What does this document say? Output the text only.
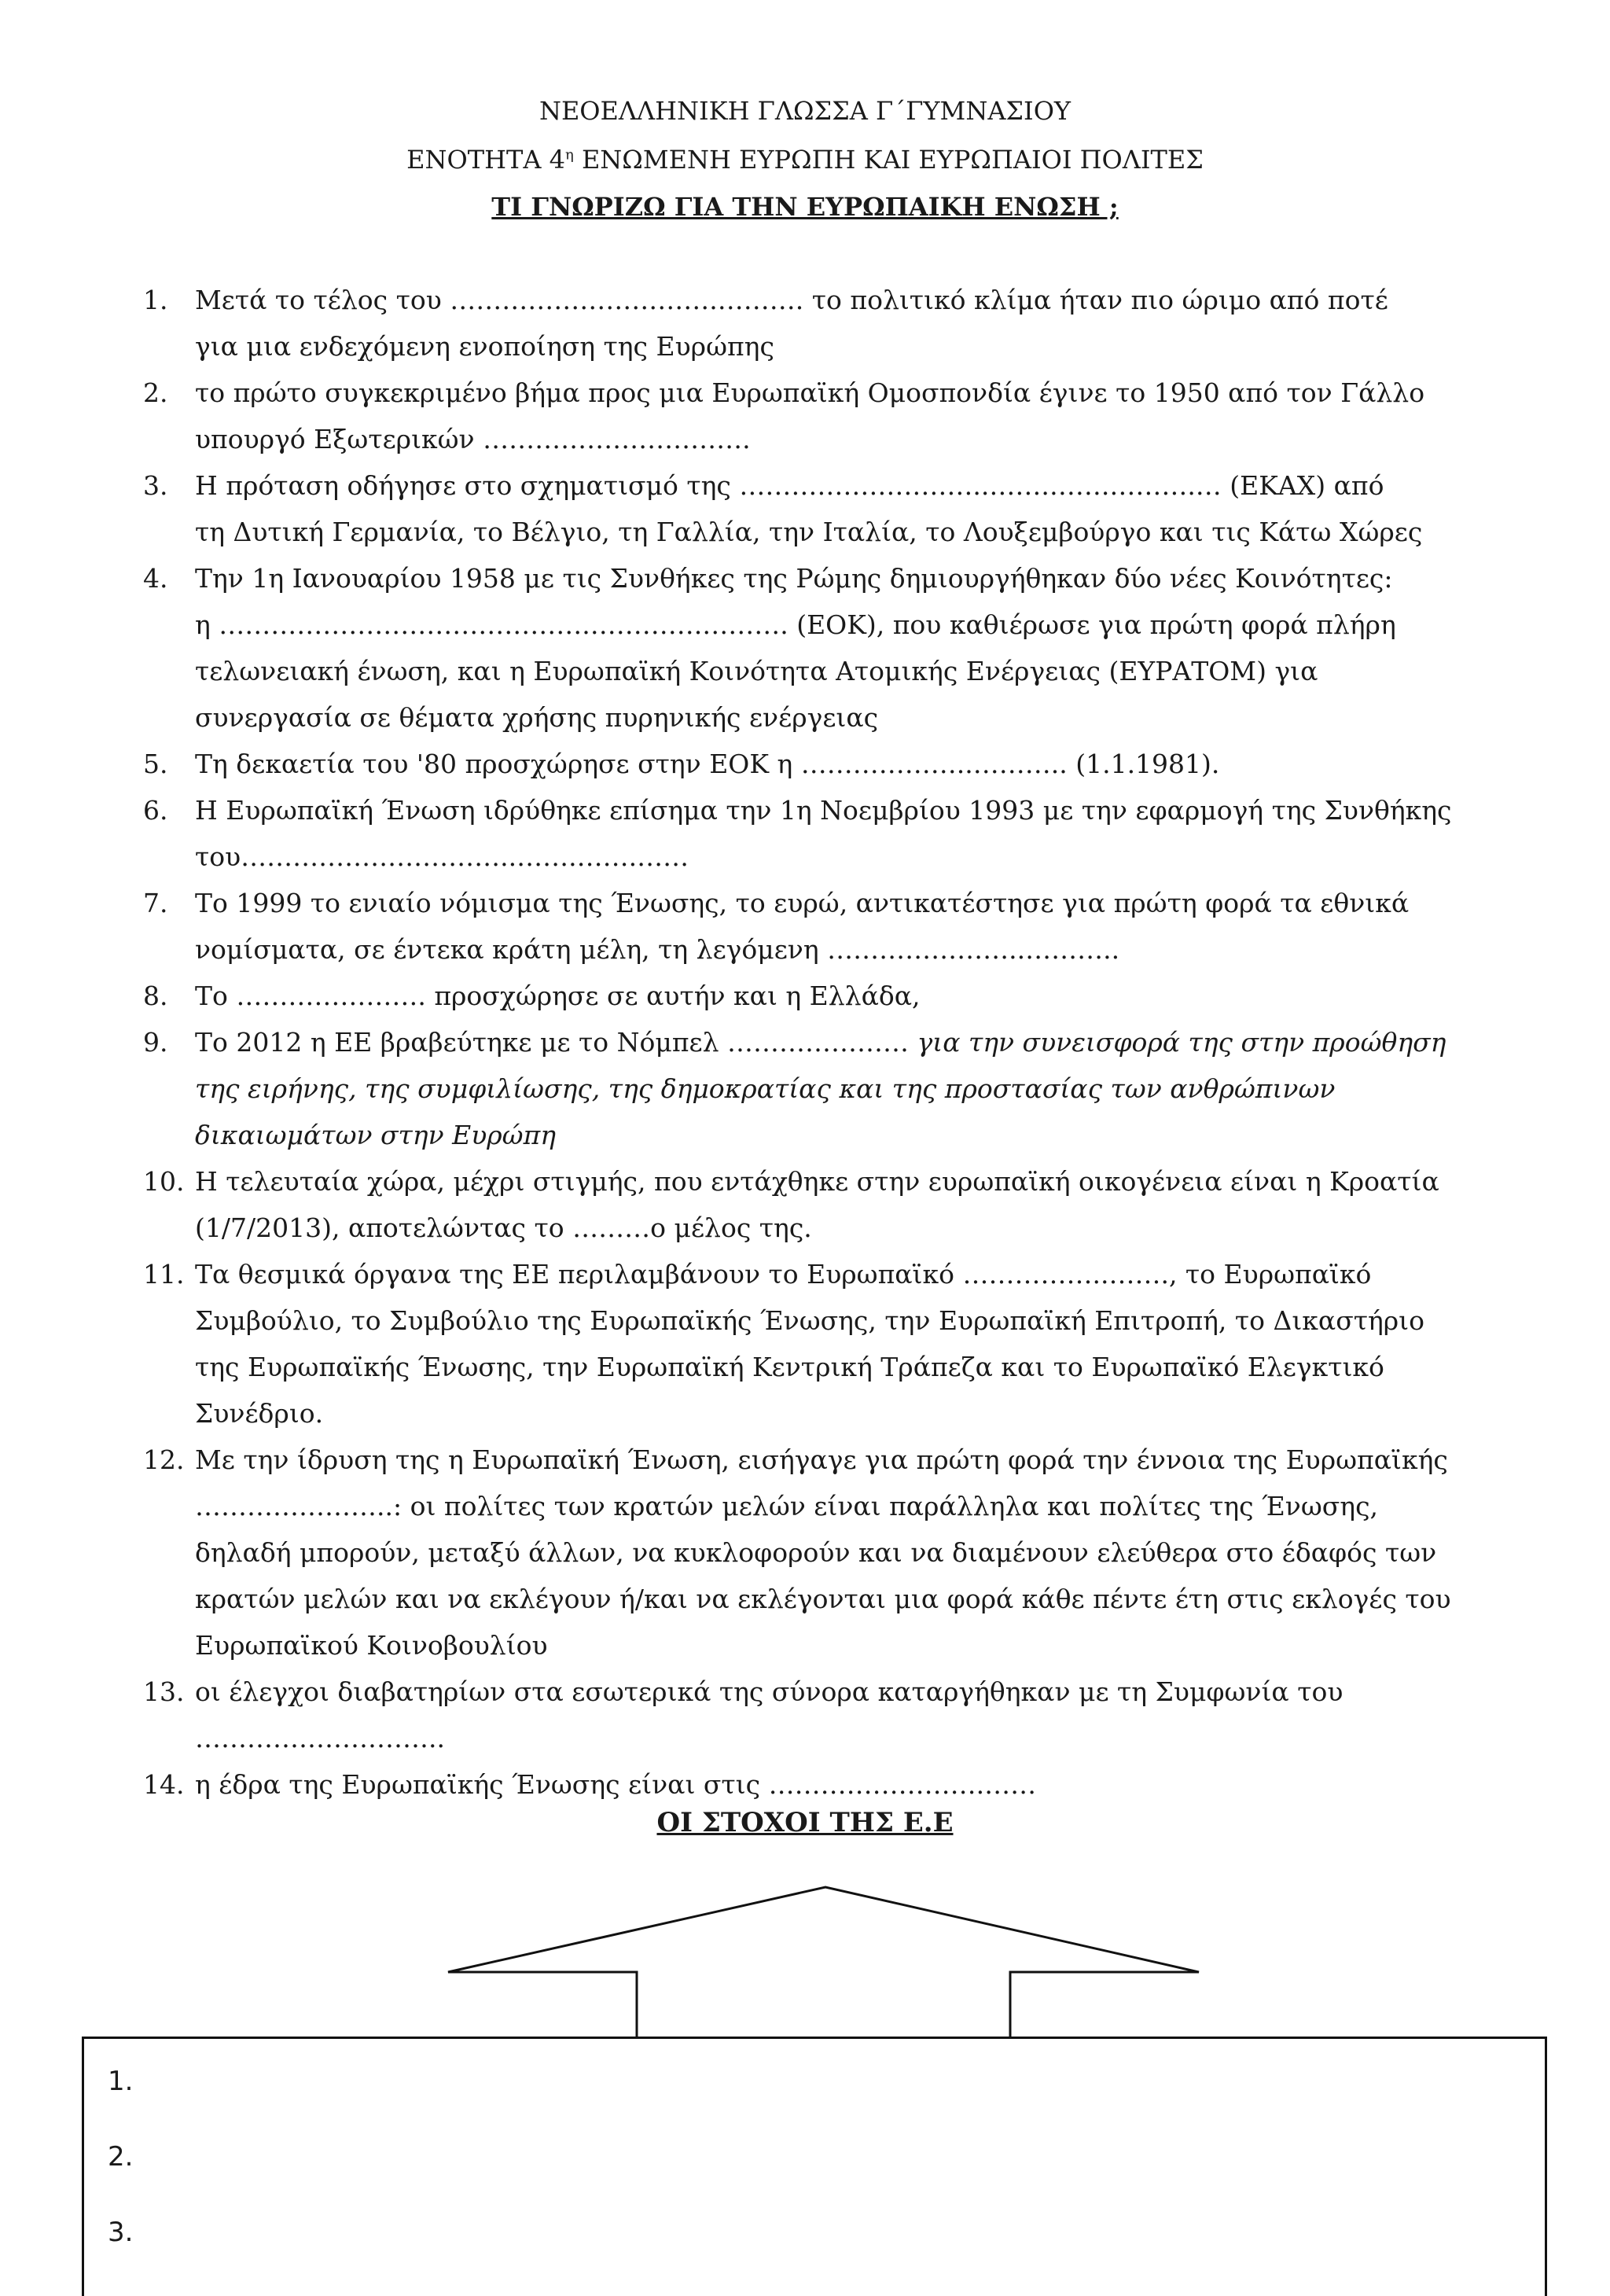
ΝΕΟΕΛΛΗΝΙΚΗ ΓΛΩΣΣΑ Γ΄ΓΥΜΝΑΣΙΟΥ
ΕΝΟΤΗΤΑ $4^\eta$ ΕΝΩΜΕΝΗ ΕΥΡΩΠΗ ΚΑΙ ΕΥΡΩΠΑΙΟΙ ΠΟΛΙΤΕΣ
ΤΙ ΓΝΩΡΙΖΩ ΓΙΑ ΤΗΝ ΕΥΡΩΠΑΙΚΗ ΕΝΩΣΗ ;
1.	Μετά το τέλος του ………………………….………. το πολιτικό κλίμα ήταν πιο ώριμο από ποτέ
για μια ενδεχόμενη ενοποίηση της Ευρώπης
2.	το πρώτο συγκεκριμένο βήμα προς μια Ευρωπαϊκή Ομοσπονδία έγινε το 1950 από τον Γάλλο
υπουργό Εξωτερικών ………………………….
3.	Η πρόταση οδήγησε στο σχηματισμό της ………………………..…….…….……….… (ΕΚΑΧ) από
τη Δυτική Γερμανία, το Βέλγιο, τη Γαλλία, την Ιταλία, το Λουξεμβούργο και τις Κάτω Χώρες
4.	Την 1η Ιανουαρίου 1958 με τις Συνθήκες της Ρώμης δημιουργήθηκαν δύο νέες Κοινότητες:
η …………………………………….………….………. (ΕΟΚ), που καθιέρωσε για πρώτη φορά πλήρη
τελωνειακή ένωση, και η Ευρωπαϊκή Κοινότητα Ατομικής Ενέργειας (ΕΥΡΑΤΟΜ) για
συνεργασία σε θέματα χρήσης πυρηνικής ενέργειας
5.	Τη δεκαετία του '80 προσχώρησε στην ΕΟΚ η ………………..……….. (1.1.1981).
6.	Η Ευρωπαϊκή Ένωση ιδρύθηκε επίσημα την 1η Νοεμβρίου 1993 με την εφαρμογή της Συνθήκης
του…………………………..…….…….……
7.	Το 1999 το ενιαίο νόμισμα της Ένωσης, το ευρώ, αντικατέστησε για πρώτη φορά τα εθνικά
νομίσματα, σε έντεκα κράτη μέλη, τη λεγόμενη …………………..………..
8.	Το …………………. προσχώρησε σε αυτήν και η Ελλάδα,
9.	Το 2012 η ΕΕ βραβεύτηκε με το Νόμπελ ………………… για την συνεισφορά της στην προώθηση
της ειρήνης, της συμφιλίωσης, της δημοκρατίας και της προστασίας των ανθρώπινων
δικαιωμάτων στην Ευρώπη
10. Η τελευταία χώρα, μέχρι στιγμής, που εντάχθηκε στην ευρωπαϊκή οικογένεια είναι η Κροατία
(1/7/2013), αποτελώντας το ………ο μέλος της.
11. Τα θεσμικά όργανα της ΕΕ περιλαμβάνουν το Ευρωπαϊκό ……………..……., το Ευρωπαϊκό
Συμβούλιο, το Συμβούλιο της Ευρωπαϊκής Ένωσης, την Ευρωπαϊκή Επιτροπή, το Δικαστήριο
της Ευρωπαϊκής Ένωσης, την Ευρωπαϊκή Κεντρική Τράπεζα και το Ευρωπαϊκό Ελεγκτικό
Συνέδριο.
12. Με την ίδρυση της η Ευρωπαϊκή Ένωση, εισήγαγε για πρώτη φορά την έννοια της Ευρωπαϊκής
…………………..: οι πολίτες των κρατών μελών είναι παράλληλα και πολίτες της Ένωσης,
δηλαδή μπορούν, μεταξύ άλλων, να κυκλοφορούν και να διαμένουν ελεύθερα στο έδαφός των
κρατών μελών και να εκλέγουν ή/και να εκλέγονται μια φορά κάθε πέντε έτη στις εκλογές του
Ευρωπαϊκού Κοινοβουλίου
13. οι έλεγχοι διαβατηρίων στα εσωτερικά της σύνορα καταργήθηκαν με τη Συμφωνία του
………………………..
14. η έδρα της Ευρωπαϊκής Ένωσης είναι στις …………………….……
ΟΙ ΣΤΟΧΟΙ ΤΗΣ Ε.Ε
1.
2.
3.
